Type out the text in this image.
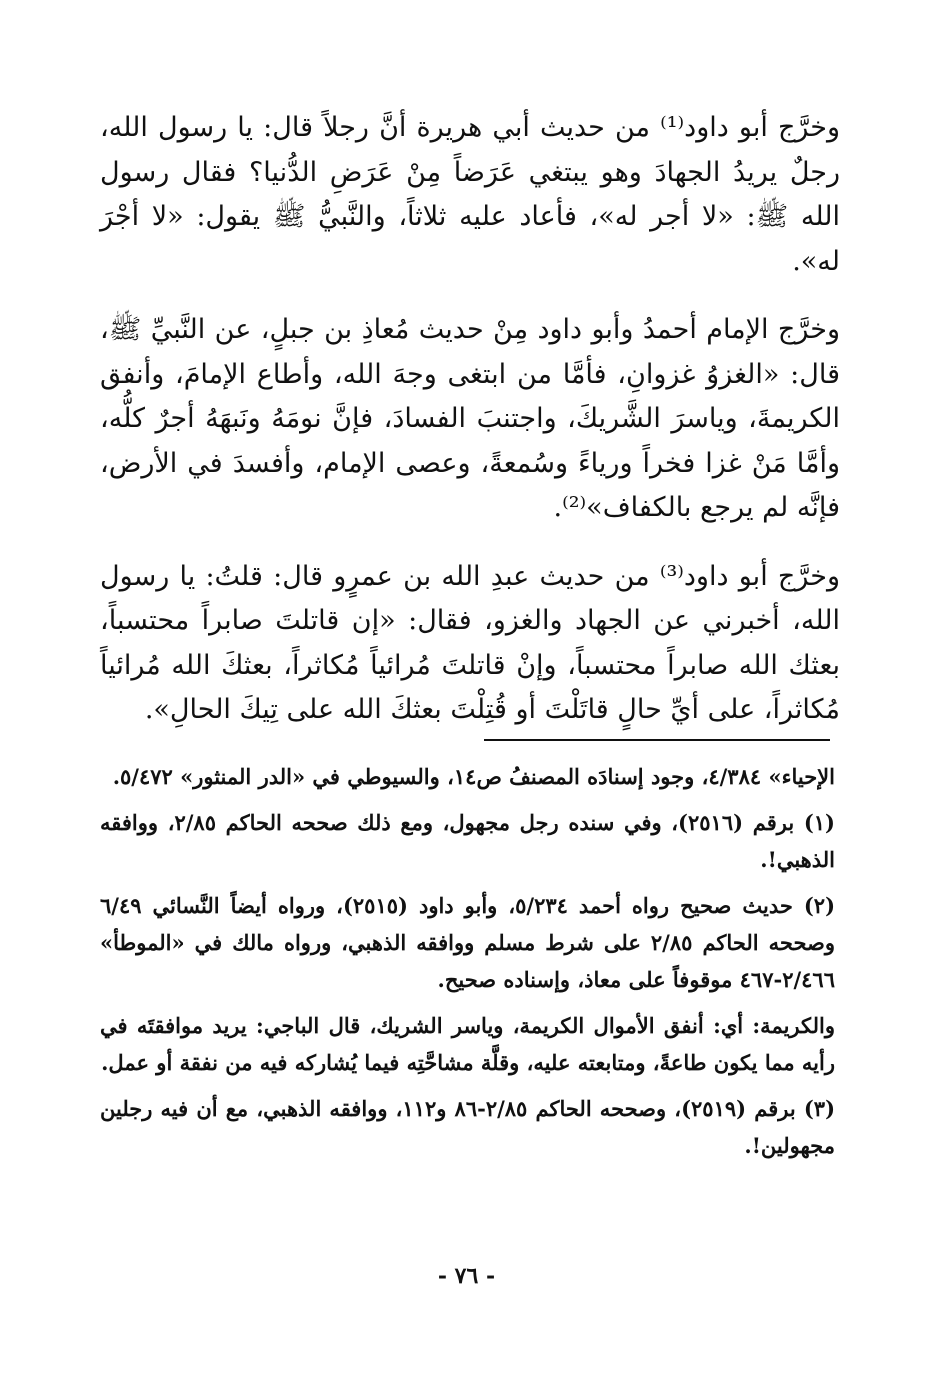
وخرَّج أبو داود⁽¹⁾ من حديث أبي هريرة أنَّ رجلاً قال: يا رسول الله، رجلٌ يريدُ الجهادَ وهو يبتغي عَرَضاً مِنْ عَرَضِ الدُّنيا؟ فقال رسول الله ﷺ: «لا أجر له»، فأعاد عليه ثلاثاً، والنَّبيُّ ﷺ يقول: «لا أجْرَ له».

وخرَّج الإمام أحمدُ وأبو داود مِنْ حديث مُعاذِ بن جبلٍ، عن النَّبيِّ ﷺ، قال: «الغزوُ غزوانِ، فأمَّا من ابتغى وجهَ الله، وأطاع الإمامَ، وأنفق الكريمةَ، وياسرَ الشَّريكَ، واجتنبَ الفسادَ، فإنَّ نومَهُ ونَبهَهُ أجرٌ كلُّه، وأمَّا مَنْ غزا فخراً ورياءً وسُمعةً، وعصى الإمام، وأفسدَ في الأرض، فإنَّه لم يرجع بالكفاف»⁽²⁾.

وخرَّج أبو داود⁽³⁾ من حديث عبدِ الله بن عمرٍو قال: قلتُ: يا رسول الله، أخبرني عن الجهاد والغزو، فقال: «إن قاتلتَ صابراً محتسباً، بعثك الله صابراً محتسباً، وإنْ قاتلتَ مُرائياً مُكاثراً، بعثكَ الله مُرائياً مُكاثراً، على أيِّ حالٍ قاتَلْتَ أو قُتِلْتَ بعثكَ الله على تِيكَ الحالِ».

الإحياء» ٤/٣٨٤، وجود إسنادَه المصنفُ ص١٤، والسيوطي في «الدر المنثور» ٥/٤٧٢.

(١) برقم (٢٥١٦)، وفي سنده رجل مجهول، ومع ذلك صححه الحاكم ٢/٨٥، ووافقه الذهبي!.

(٢) حديث صحيح رواه أحمد ٥/٢٣٤، وأبو داود (٢٥١٥)، ورواه أيضاً النَّسائي ٦/٤٩ وصححه الحاكم ٢/٨٥ على شرط مسلم ووافقه الذهبي، ورواه مالك في «الموطأ» ٢/٤٦٦-٤٦٧ موقوفاً على معاذ، وإسناده صحيح.

والكريمة: أي: أنفق الأموال الكريمة، وياسر الشريك، قال الباجي: يريد موافقتَه في رأيه مما يكون طاعةً، ومتابعته عليه، وقلَّة مشاحَّتِه فيما يُشاركه فيه من نفقة أو عمل.

(٣) برقم (٢٥١٩)، وصححه الحاكم ٢/٨٥-٨٦ و١١٢، ووافقه الذهبي، مع أن فيه رجلين مجهولين!.

- ٧٦ -
